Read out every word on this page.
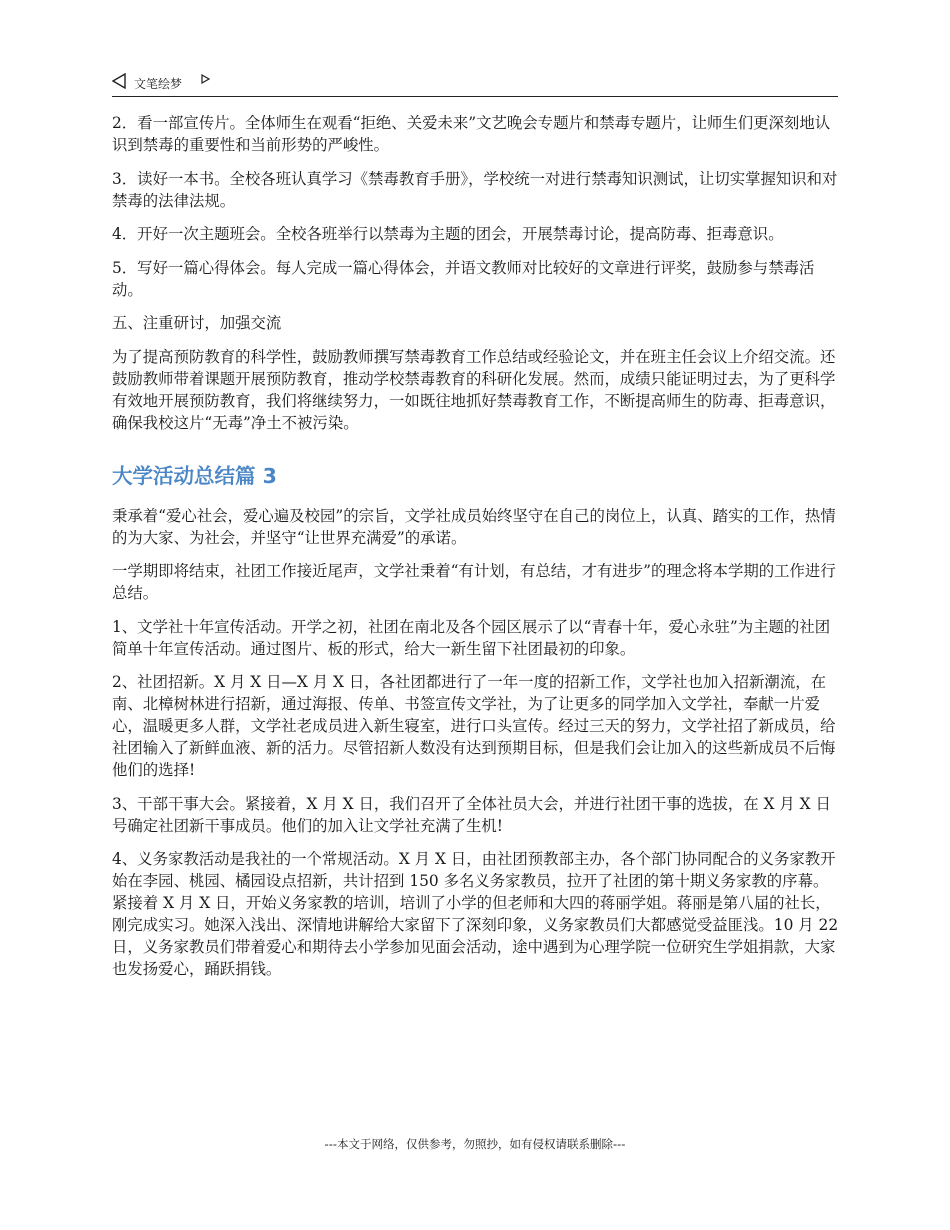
文笔绘梦

2．看一部宣传片。全体师生在观看“拒绝、关爱未来”文艺晚会专题片和禁毒专题片，让师生们更深刻地认识到禁毒的重要性和当前形势的严峻性。

3．读好一本书。全校各班认真学习《禁毒教育手册》，学校统一对进行禁毒知识测试，让切实掌握知识和对禁毒的法律法规。

4．开好一次主题班会。全校各班举行以禁毒为主题的团会，开展禁毒讨论，提高防毒、拒毒意识。

5．写好一篇心得体会。每人完成一篇心得体会，并语文教师对比较好的文章进行评奖，鼓励参与禁毒活动。

五、注重研讨，加强交流

为了提高预防教育的科学性，鼓励教师撰写禁毒教育工作总结或经验论文，并在班主任会议上介绍交流。还鼓励教师带着课题开展预防教育，推动学校禁毒教育的科研化发展。然而，成绩只能证明过去，为了更科学有效地开展预防教育，我们将继续努力，一如既往地抓好禁毒教育工作，不断提高师生的防毒、拒毒意识，确保我校这片“无毒”净土不被污染。

大学活动总结篇 3

秉承着“爱心社会，爱心遍及校园”的宗旨，文学社成员始终坚守在自己的岗位上，认真、踏实的工作，热情的为大家、为社会，并坚守“让世界充满爱”的承诺。

一学期即将结束，社团工作接近尾声，文学社秉着“有计划，有总结，才有进步”的理念将本学期的工作进行总结。

1、文学社十年宣传活动。开学之初，社团在南北及各个园区展示了以“青春十年，爱心永驻”为主题的社团简单十年宣传活动。通过图片、板的形式，给大一新生留下社团最初的印象。

2、社团招新。X 月 X 日—X 月 X 日，各社团都进行了一年一度的招新工作，文学社也加入招新潮流，在南、北樟树林进行招新，通过海报、传单、书签宣传文学社，为了让更多的同学加入文学社，奉献一片爱心，温暖更多人群，文学社老成员进入新生寝室，进行口头宣传。经过三天的努力，文学社招了新成员，给社团输入了新鲜血液、新的活力。尽管招新人数没有达到预期目标，但是我们会让加入的这些新成员不后悔他们的选择!

3、干部干事大会。紧接着，X 月 X 日，我们召开了全体社员大会，并进行社团干事的选拔，在 X 月 X 日号确定社团新干事成员。他们的加入让文学社充满了生机!

4、义务家教活动是我社的一个常规活动。X 月 X 日，由社团预教部主办，各个部门协同配合的义务家教开始在李园、桃园、橘园设点招新，共计招到 150 多名义务家教员，拉开了社团的第十期义务家教的序幕。紧接着 X 月 X 日，开始义务家教的培训，培训了小学的但老师和大四的蒋丽学姐。蒋丽是第八届的社长，刚完成实习。她深入浅出、深情地讲解给大家留下了深刻印象，义务家教员们大都感觉受益匪浅。10 月 22 日，义务家教员们带着爱心和期待去小学参加见面会活动，途中遇到为心理学院一位研究生学姐捐款，大家也发扬爱心，踊跃捐钱。

---本文于网络，仅供参考，勿照抄，如有侵权请联系删除---
